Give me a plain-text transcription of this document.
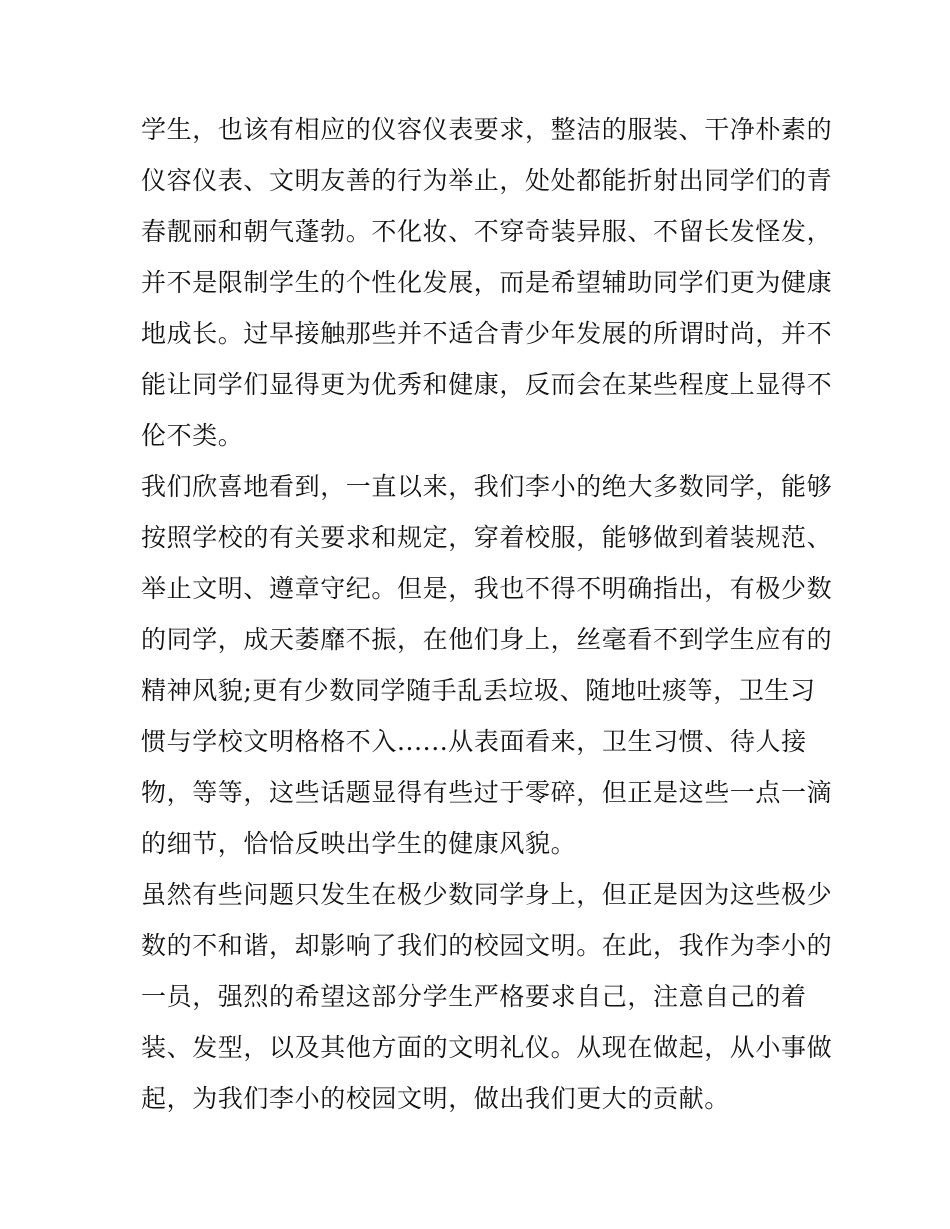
学生，也该有相应的仪容仪表要求，整洁的服装、干净朴素的
仪容仪表、文明友善的行为举止，处处都能折射出同学们的青
春靓丽和朝气蓬勃。不化妆、不穿奇装异服、不留长发怪发，
并不是限制学生的个性化发展，而是希望辅助同学们更为健康
地成长。过早接触那些并不适合青少年发展的所谓时尚，并不
能让同学们显得更为优秀和健康，反而会在某些程度上显得不
伦不类。
我们欣喜地看到，一直以来，我们李小的绝大多数同学，能够
按照学校的有关要求和规定，穿着校服，能够做到着装规范、
举止文明、遵章守纪。但是，我也不得不明确指出，有极少数
的同学，成天萎靡不振，在他们身上，丝毫看不到学生应有的
精神风貌;更有少数同学随手乱丢垃圾、随地吐痰等，卫生习
惯与学校文明格格不入......从表面看来，卫生习惯、待人接
物，等等，这些话题显得有些过于零碎，但正是这些一点一滴
的细节，恰恰反映出学生的健康风貌。
虽然有些问题只发生在极少数同学身上，但正是因为这些极少
数的不和谐，却影响了我们的校园文明。在此，我作为李小的
一员，强烈的希望这部分学生严格要求自己，注意自己的着
装、发型，以及其他方面的文明礼仪。从现在做起，从小事做
起，为我们李小的校园文明，做出我们更大的贡献。
